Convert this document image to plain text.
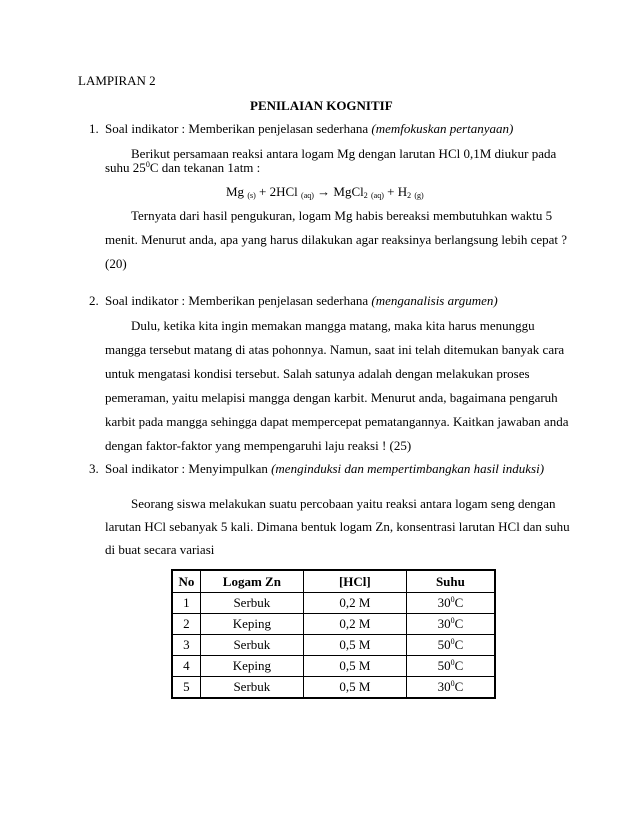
LAMPIRAN 2
PENILAIAN KOGNITIF
1. Soal indikator : Memberikan penjelasan sederhana (memfokuskan pertanyaan)
Berikut persamaan reaksi antara logam Mg dengan larutan HCl 0,1M diukur pada
suhu $25^0C$ dan tekanan 1atm :
Mg $_{(s)}$ + 2HCl $_{(aq)}$ → MgCl$_2$ $_{(aq)} + H_2$ $_{(g)}$
Ternyata dari hasil pengukuran, logam Mg habis bereaksi membutuhkan waktu 5
menit. Menurut anda, apa yang harus dilakukan agar reaksinya berlangsung lebih cepat ?
(20)
2. Soal indikator : Memberikan penjelasan sederhana (menganalisis argumen)
Dulu, ketika kita ingin memakan mangga matang, maka kita harus menunggu
mangga tersebut matang di atas pohonnya. Namun, saat ini telah ditemukan banyak cara
untuk mengatasi kondisi tersebut. Salah satunya adalah dengan melakukan proses
pemeraman, yaitu melapisi mangga dengan karbit. Menurut anda, bagaimana pengaruh
karbit pada mangga sehingga dapat mempercepat pematangannya. Kaitkan jawaban anda
dengan faktor-faktor yang mempengaruhi laju reaksi ! (25)
3. Soal indikator : Menyimpulkan (menginduksi dan mempertimbangkan hasil induksi)
Seorang siswa melakukan suatu percobaan yaitu reaksi antara logam seng dengan
larutan HCl sebanyak 5 kali. Dimana bentuk logam Zn, konsentrasi larutan HCl dan suhu
di buat secara variasi
No	Logam Zn	[HCl]	Suhu
1	Serbuk	0,2 M	$30^0C$
2	Keping	0,2 M	$30^0C$
3	Serbuk	0,5 M	$50^0C$
4	Keping	0,5 M	$50^0C$
5	Serbuk	0,5 M	$30^0C$
